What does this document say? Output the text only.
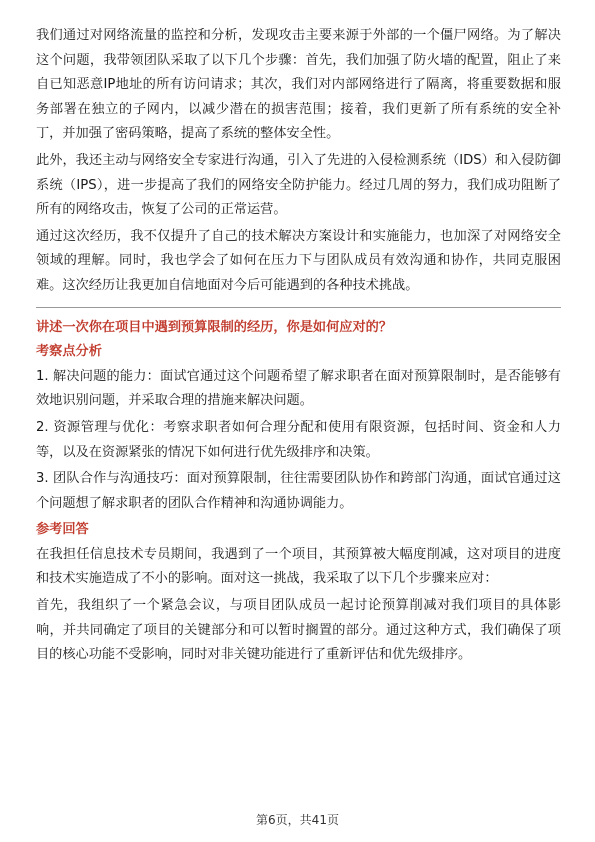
我们通过对网络流量的监控和分析，发现攻击主要来源于外部的一个僵尸网络。为了解决这个问题，我带领团队采取了以下几个步骤：首先，我们加强了防火墙的配置，阻止了来自已知恶意IP地址的所有访问请求；其次，我们对内部网络进行了隔离，将重要数据和服务部署在独立的子网内，以减少潜在的损害范围；接着，我们更新了所有系统的安全补丁，并加强了密码策略，提高了系统的整体安全性。

此外，我还主动与网络安全专家进行沟通，引入了先进的入侵检测系统（IDS）和入侵防御系统（IPS），进一步提高了我们的网络安全防护能力。经过几周的努力，我们成功阻断了所有的网络攻击，恢复了公司的正常运营。

通过这次经历，我不仅提升了自己的技术解决方案设计和实施能力，也加深了对网络安全领域的理解。同时，我也学会了如何在压力下与团队成员有效沟通和协作，共同克服困难。这次经历让我更加自信地面对今后可能遇到的各种技术挑战。

讲述一次你在项目中遇到预算限制的经历，你是如何应对的？
考察点分析

1. 解决问题的能力：面试官通过这个问题希望了解求职者在面对预算限制时，是否能够有效地识别问题，并采取合理的措施来解决问题。

2. 资源管理与优化：考察求职者如何合理分配和使用有限资源，包括时间、资金和人力等，以及在资源紧张的情况下如何进行优先级排序和决策。

3. 团队合作与沟通技巧：面对预算限制，往往需要团队协作和跨部门沟通，面试官通过这个问题想了解求职者的团队合作精神和沟通协调能力。

参考回答

在我担任信息技术专员期间，我遇到了一个项目，其预算被大幅度削减，这对项目的进度和技术实施造成了不小的影响。面对这一挑战，我采取了以下几个步骤来应对：

首先，我组织了一个紧急会议，与项目团队成员一起讨论预算削减对我们项目的具体影响，并共同确定了项目的关键部分和可以暂时搁置的部分。通过这种方式，我们确保了项目的核心功能不受影响，同时对非关键功能进行了重新评估和优先级排序。

第6页，共41页
